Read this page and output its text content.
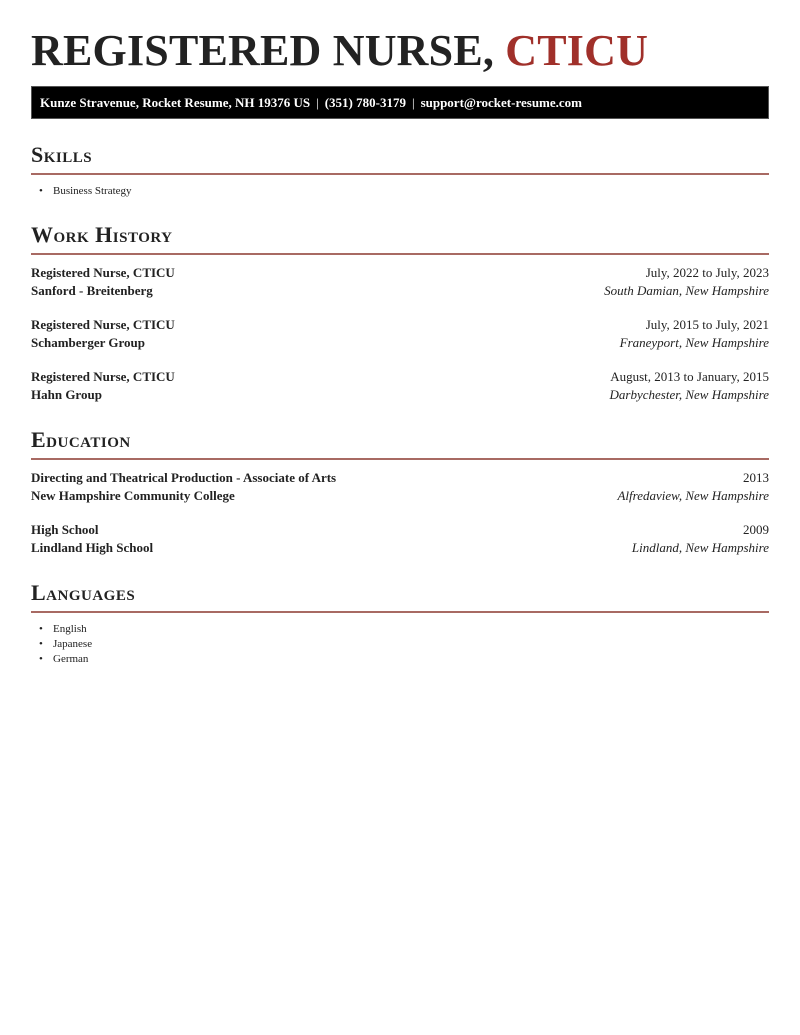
REGISTERED NURSE, CTICU
Kunze Stravenue, Rocket Resume, NH 19376 US | (351) 780-3179 | support@rocket-resume.com
Skills
• Business Strategy
Work History
Registered Nurse, CTICU
Sanford - Breitenberg
July, 2022 to July, 2023
South Damian, New Hampshire
Registered Nurse, CTICU
Schamberger Group
July, 2015 to July, 2021
Franeyport, New Hampshire
Registered Nurse, CTICU
Hahn Group
August, 2013 to January, 2015
Darbychester, New Hampshire
Education
Directing and Theatrical Production - Associate of Arts
New Hampshire Community College
2013
Alfredaview, New Hampshire
High School
Lindland High School
2009
Lindland, New Hampshire
Languages
• English
• Japanese
• German
